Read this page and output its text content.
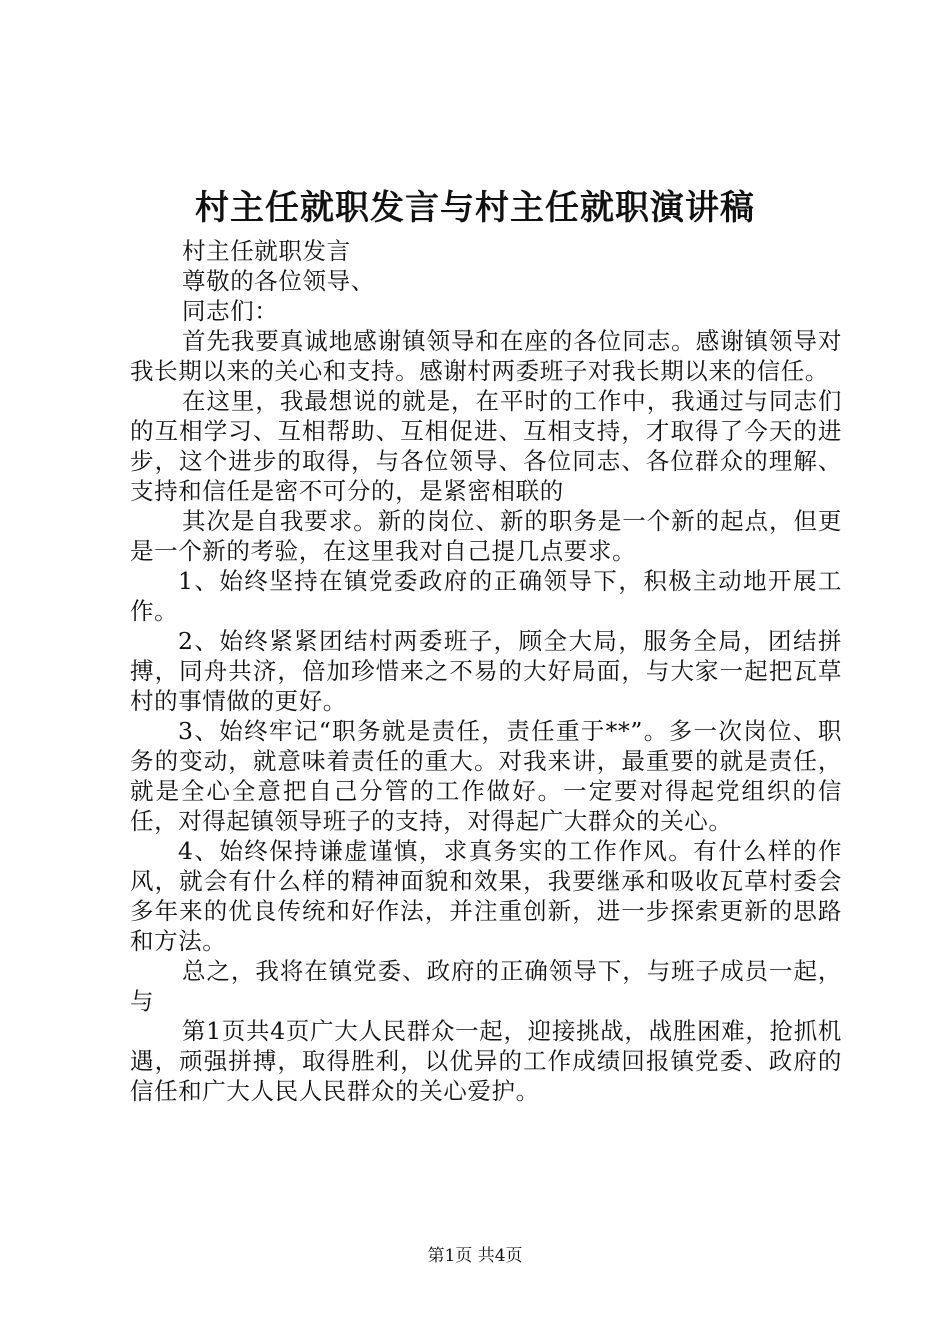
村主任就职发言与村主任就职演讲稿

村主任就职发言

尊敬的各位领导、

同志们：

首先我要真诚地感谢镇领导和在座的各位同志。感谢镇领导对我长期以来的关心和支持。感谢村两委班子对我长期以来的信任。

在这里，我最想说的就是，在平时的工作中，我通过与同志们的互相学习、互相帮助、互相促进、互相支持，才取得了今天的进步，这个进步的取得，与各位领导、各位同志、各位群众的理解、支持和信任是密不可分的，是紧密相联的

其次是自我要求。新的岗位、新的职务是一个新的起点，但更是一个新的考验，在这里我对自己提几点要求。

1、始终坚持在镇党委政府的正确领导下，积极主动地开展工作。

2、始终紧紧团结村两委班子，顾全大局，服务全局，团结拼搏，同舟共济，倍加珍惜来之不易的大好局面，与大家一起把瓦草村的事情做的更好。

3、始终牢记“职务就是责任，责任重于**”。多一次岗位、职务的变动，就意味着责任的重大。对我来讲，最重要的就是责任，就是全心全意把自己分管的工作做好。一定要对得起党组织的信任，对得起镇领导班子的支持，对得起广大群众的关心。

4、始终保持谦虚谨慎，求真务实的工作作风。有什么样的作风，就会有什么样的精神面貌和效果，我要继承和吸收瓦草村委会多年来的优良传统和好作法，并注重创新，进一步探索更新的思路和方法。

总之，我将在镇党委、政府的正确领导下，与班子成员一起，与

第1页共4页广大人民群众一起，迎接挑战，战胜困难，抢抓机遇，顽强拼搏，取得胜利，以优异的工作成绩回报镇党委、政府的信任和广大人民人民群众的关心爱护。

第1页 共4页
